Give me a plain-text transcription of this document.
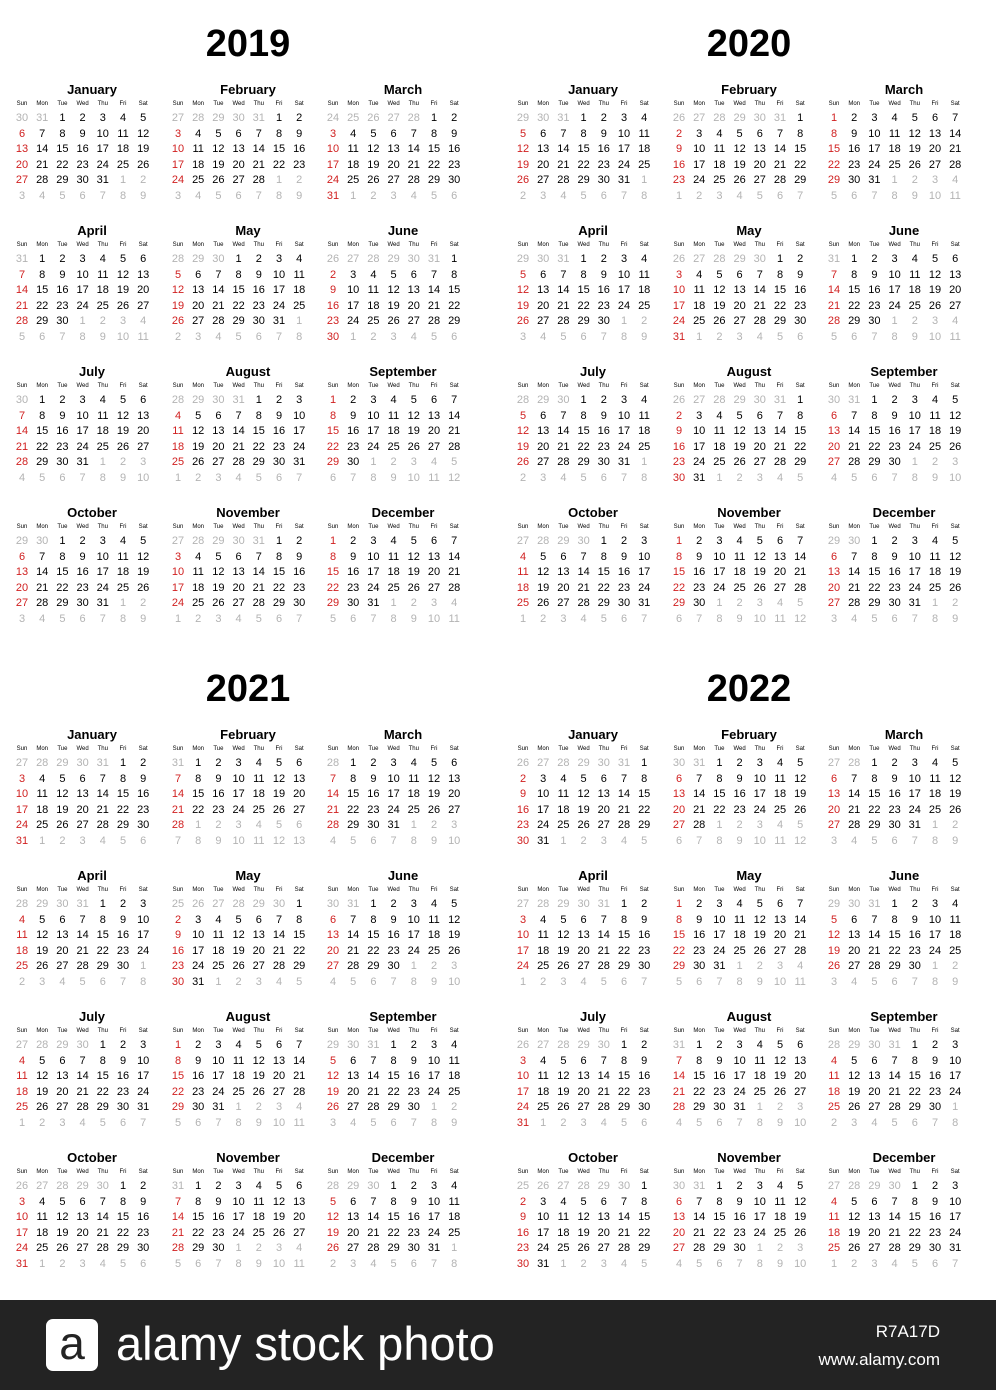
2019
January
Sun	Mon	Tue	Wed	Thu	Fri	Sat
30 31	1	2	3	4	5
6	7	8	9	10 11 12
13 14 15 16 17 18 19
20 21 22 23 24 25 26
27 28 29 30 31	1	2
3	4	5	6	7	8	9
February
Sun	Mon	Tue	Wed	Thu	Fri	Sat
27 28 29 30 31	1	2
3	4	5	6	7	8	9
10 11 12 13 14 15 16
17 18 19 20 21 22 23
24 25 26 27 28	1	2
3	4	5	6	7	8	9
March
Sun	Mon	Tue	Wed	Thu	Fri	Sat
24 25 26 27 28	1	2
3	4	5	6	7	8	9
10 11 12 13 14 15 16
17 18 19 20 21 22 23
24 25 26 27 28 29 30
31	1	2	3	4	5	6
April
Sun	Mon	Tue	Wed	Thu	Fri	Sat
31	1	2	3	4	5	6
7	8	9	10 11 12 13
14 15 16 17 18 19 20
21 22 23 24 25 26 27
28 29 30	1	2	3	4
5	6	7	8	9	10 11
May
Sun	Mon	Tue	Wed	Thu	Fri	Sat
28 29 30	1	2	3	4
5	6	7	8	9	10 11
12 13 14 15 16 17 18
19 20 21 22 23 24 25
26 27 28 29 30 31	1
2	3	4	5	6	7	8
June
Sun	Mon	Tue	Wed	Thu	Fri	Sat
26 27 28 29 30 31	1
2	3	4	5	6	7	8
9	10 11 12 13 14 15
16 17 18 19 20 21 22
23 24 25 26 27 28 29
30	1	2	3	4	5	6
July
Sun	Mon	Tue	Wed	Thu	Fri	Sat
30	1	2	3	4	5	6
7	8	9	10 11 12 13
14 15 16 17 18 19 20
21 22 23 24 25 26 27
28 29 30 31	1	2	3
4	5	6	7	8	9	10
August
Sun	Mon	Tue	Wed	Thu	Fri	Sat
28 29 30 31	1	2	3
4	5	6	7	8	9	10
11 12 13 14 15 16 17
18 19 20 21 22 23 24
25 26 27 28 29 30 31
1	2	3	4	5	6	7
September
Sun	Mon	Tue	Wed	Thu	Fri	Sat
1	2	3	4	5	6	7
8	9	10 11 12 13 14
15 16 17 18 19 20 21
22 23 24 25 26 27 28
29 30	1	2	3	4	5
6	7	8	9	10 11 12
October
Sun	Mon	Tue	Wed	Thu	Fri	Sat
29 30	1	2	3	4	5
6	7	8	9	10 11 12
13 14 15 16 17 18 19
20 21 22 23 24 25 26
27 28 29 30 31	1	2
3	4	5	6	7	8	9
November
Sun	Mon	Tue	Wed	Thu	Fri	Sat
27 28 29 30 31	1	2
3	4	5	6	7	8	9
10 11 12 13 14 15 16
17 18 19 20 21 22 23
24 25 26 27 28 29 30
1	2	3	4	5	6	7
December
Sun	Mon	Tue	Wed	Thu	Fri	Sat
1	2	3	4	5	6	7
8	9	10 11 12 13 14
15 16 17 18 19 20 21
22 23 24 25 26 27 28
29 30 31	1	2	3	4
5	6	7	8	9	10 11
2020
January
Sun	Mon	Tue	Wed	Thu	Fri	Sat
29 30 31	1	2	3	4
5	6	7	8	9	10 11
12 13 14 15 16 17 18
19 20 21 22 23 24 25
26 27 28 29 30 31	1
2	3	4	5	6	7	8
February
Sun	Mon	Tue	Wed	Thu	Fri	Sat
26 27 28 29 30 31	1
2	3	4	5	6	7	8
9	10 11 12 13 14 15
16 17 18 19 20 21 22
23 24 25 26 27 28 29
1	2	3	4	5	6	7
March
Sun	Mon	Tue	Wed	Thu	Fri	Sat
1	2	3	4	5	6	7
8	9	10 11 12 13 14
15 16 17 18 19 20 21
22 23 24 25 26 27 28
29 30 31	1	2	3	4
5	6	7	8	9	10 11
April
Sun	Mon	Tue	Wed	Thu	Fri	Sat
29 30 31	1	2	3	4
5	6	7	8	9	10 11
12 13 14 15 16 17 18
19 20 21 22 23 24 25
26 27 28 29 30	1	2
3	4	5	6	7	8	9
May
Sun	Mon	Tue	Wed	Thu	Fri	Sat
26 27 28 29 30	1	2
3	4	5	6	7	8	9
10 11 12 13 14 15 16
17 18 19 20 21 22 23
24 25 26 27 28 29 30
31	1	2	3	4	5	6
June
Sun	Mon	Tue	Wed	Thu	Fri	Sat
31	1	2	3	4	5	6
7	8	9	10 11 12 13
14 15 16 17 18 19 20
21 22 23 24 25 26 27
28 29 30	1	2	3	4
5	6	7	8	9	10 11
July
Sun	Mon	Tue	Wed	Thu	Fri	Sat
28 29 30	1	2	3	4
5	6	7	8	9	10 11
12 13 14 15 16 17 18
19 20 21 22 23 24 25
26 27 28 29 30 31	1
2	3	4	5	6	7	8
August
Sun	Mon	Tue	Wed	Thu	Fri	Sat
26 27 28 29 30 31	1
2	3	4	5	6	7	8
9	10 11 12 13 14 15
16 17 18 19 20 21 22
23 24 25 26 27 28 29
30 31	1	2	3	4	5
September
Sun	Mon	Tue	Wed	Thu	Fri	Sat
30 31	1	2	3	4	5
6	7	8	9	10 11 12
13 14 15 16 17 18 19
20 21 22 23 24 25 26
27 28 29 30	1	2	3
4	5	6	7	8	9	10
October
Sun	Mon	Tue	Wed	Thu	Fri	Sat
27 28 29 30	1	2	3
4	5	6	7	8	9	10
11 12 13 14 15 16 17
18 19 20 21 22 23 24
25 26 27 28 29 30 31
1	2	3	4	5	6	7
November
Sun	Mon	Tue	Wed	Thu	Fri	Sat
1	2	3	4	5	6	7
8	9	10 11 12 13 14
15 16 17 18 19 20 21
22 23 24 25 26 27 28
29 30	1	2	3	4	5
6	7	8	9	10 11 12
December
Sun	Mon	Tue	Wed	Thu	Fri	Sat
29 30	1	2	3	4	5
6	7	8	9	10 11 12
13 14 15 16 17 18 19
20 21 22 23 24 25 26
27 28 29 30 31	1	2
3	4	5	6	7	8	9
2021
January
Sun	Mon	Tue	Wed	Thu	Fri	Sat
27 28 29 30 31	1	2
3	4	5	6	7	8	9
10 11 12 13 14 15 16
17 18 19 20 21 22 23
24 25 26 27 28 29 30
31	1	2	3	4	5	6
February
Sun	Mon	Tue	Wed	Thu	Fri	Sat
31	1	2	3	4	5	6
7	8	9	10 11 12 13
14 15 16 17 18 19 20
21 22 23 24 25 26 27
28	1	2	3	4	5	6
7	8	9	10 11 12 13
March
Sun	Mon	Tue	Wed	Thu	Fri	Sat
28	1	2	3	4	5	6
7	8	9	10 11 12 13
14 15 16 17 18 19 20
21 22 23 24 25 26 27
28 29 30 31	1	2	3
4	5	6	7	8	9	10
April
Sun	Mon	Tue	Wed	Thu	Fri	Sat
28 29 30 31	1	2	3
4	5	6	7	8	9	10
11 12 13 14 15 16 17
18 19 20 21 22 23 24
25 26 27 28 29 30	1
2	3	4	5	6	7	8
May
Sun	Mon	Tue	Wed	Thu	Fri	Sat
25 26 27 28 29 30	1
2	3	4	5	6	7	8
9	10 11 12 13 14 15
16 17 18 19 20 21 22
23 24 25 26 27 28 29
30 31	1	2	3	4	5
June
Sun	Mon	Tue	Wed	Thu	Fri	Sat
30 31	1	2	3	4	5
6	7	8	9	10 11 12
13 14 15 16 17 18 19
20 21 22 23 24 25 26
27 28 29 30	1	2	3
4	5	6	7	8	9	10
July
Sun	Mon	Tue	Wed	Thu	Fri	Sat
27 28 29 30	1	2	3
4	5	6	7	8	9	10
11 12 13 14 15 16 17
18 19 20 21 22 23 24
25 26 27 28 29 30 31
1	2	3	4	5	6	7
August
Sun	Mon	Tue	Wed	Thu	Fri	Sat
1	2	3	4	5	6	7
8	9	10 11 12 13 14
15 16 17 18 19 20 21
22 23 24 25 26 27 28
29 30 31	1	2	3	4
5	6	7	8	9	10 11
September
Sun	Mon	Tue	Wed	Thu	Fri	Sat
29 30 31	1	2	3	4
5	6	7	8	9	10 11
12 13 14 15 16 17 18
19 20 21 22 23 24 25
26 27 28 29 30	1	2
3	4	5	6	7	8	9
October
Sun	Mon	Tue	Wed	Thu	Fri	Sat
26 27 28 29 30	1	2
3	4	5	6	7	8	9
10 11 12 13 14 15 16
17 18 19 20 21 22 23
24 25 26 27 28 29 30
31	1	2	3	4	5	6
November
Sun	Mon	Tue	Wed	Thu	Fri	Sat
31	1	2	3	4	5	6
7	8	9	10 11 12 13
14 15 16 17 18 19 20
21 22 23 24 25 26 27
28 29 30	1	2	3	4
5	6	7	8	9	10 11
December
Sun	Mon	Tue	Wed	Thu	Fri	Sat
28 29 30	1	2	3	4
5	6	7	8	9	10 11
12 13 14 15 16 17 18
19 20 21 22 23 24 25
26 27 28 29 30 31	1
2	3	4	5	6	7	8
2022
January
Sun	Mon	Tue	Wed	Thu	Fri	Sat
26 27 28 29 30 31	1
2	3	4	5	6	7	8
9	10 11 12 13 14 15
16 17 18 19 20 21 22
23 24 25 26 27 28 29
30 31	1	2	3	4	5
February
Sun	Mon	Tue	Wed	Thu	Fri	Sat
30 31	1	2	3	4	5
6	7	8	9	10 11 12
13 14 15 16 17 18 19
20 21 22 23 24 25 26
27 28	1	2	3	4	5
6	7	8	9	10 11 12
March
Sun	Mon	Tue	Wed	Thu	Fri	Sat
27 28	1	2	3	4	5
6	7	8	9	10 11 12
13 14 15 16 17 18 19
20 21 22 23 24 25 26
27 28 29 30 31	1	2
3	4	5	6	7	8	9
April
Sun	Mon	Tue	Wed	Thu	Fri	Sat
27 28 29 30 31	1	2
3	4	5	6	7	8	9
10 11 12 13 14 15 16
17 18 19 20 21 22 23
24 25 26 27 28 29 30
1	2	3	4	5	6	7
May
Sun	Mon	Tue	Wed	Thu	Fri	Sat
1	2	3	4	5	6	7
8	9	10 11 12 13 14
15 16 17 18 19 20 21
22 23 24 25 26 27 28
29 30 31	1	2	3	4
5	6	7	8	9	10 11
June
Sun	Mon	Tue	Wed	Thu	Fri	Sat
29 30 31	1	2	3	4
5	6	7	8	9	10 11
12 13 14 15 16 17 18
19 20 21 22 23 24 25
26 27 28 29 30	1	2
3	4	5	6	7	8	9
July
Sun	Mon	Tue	Wed	Thu	Fri	Sat
26 27 28 29 30	1	2
3	4	5	6	7	8	9
10 11 12 13 14 15 16
17 18 19 20 21 22 23
24 25 26 27 28 29 30
31	1	2	3	4	5	6
August
Sun	Mon	Tue	Wed	Thu	Fri	Sat
31	1	2	3	4	5	6
7	8	9	10 11 12 13
14 15 16 17 18 19 20
21 22 23 24 25 26 27
28 29 30 31	1	2	3
4	5	6	7	8	9	10
September
Sun	Mon	Tue	Wed	Thu	Fri	Sat
28 29 30 31	1	2	3
4	5	6	7	8	9	10
11 12 13 14 15 16 17
18 19 20 21 22 23 24
25 26 27 28 29 30	1
2	3	4	5	6	7	8
October
Sun	Mon	Tue	Wed	Thu	Fri	Sat
25 26 27 28 29 30	1
2	3	4	5	6	7	8
9	10 11 12 13 14 15
16 17 18 19 20 21 22
23 24 25 26 27 28 29
30 31	1	2	3	4	5
November
Sun	Mon	Tue	Wed	Thu	Fri	Sat
30 31	1	2	3	4	5
6	7	8	9	10 11 12
13 14 15 16 17 18 19
20 21 22 23 24 25 26
27 28 29 30	1	2	3
4	5	6	7	8	9	10
December
Sun	Mon	Tue	Wed	Thu	Fri	Sat
27 28 29 30	1	2	3
4	5	6	7	8	9	10
11 12 13 14 15 16 17
18 19 20 21 22 23 24
25 26 27 28 29 30 31
1	2	3	4	5	6	7
a alamy stock photo	R7A17D
www.alamy.com
